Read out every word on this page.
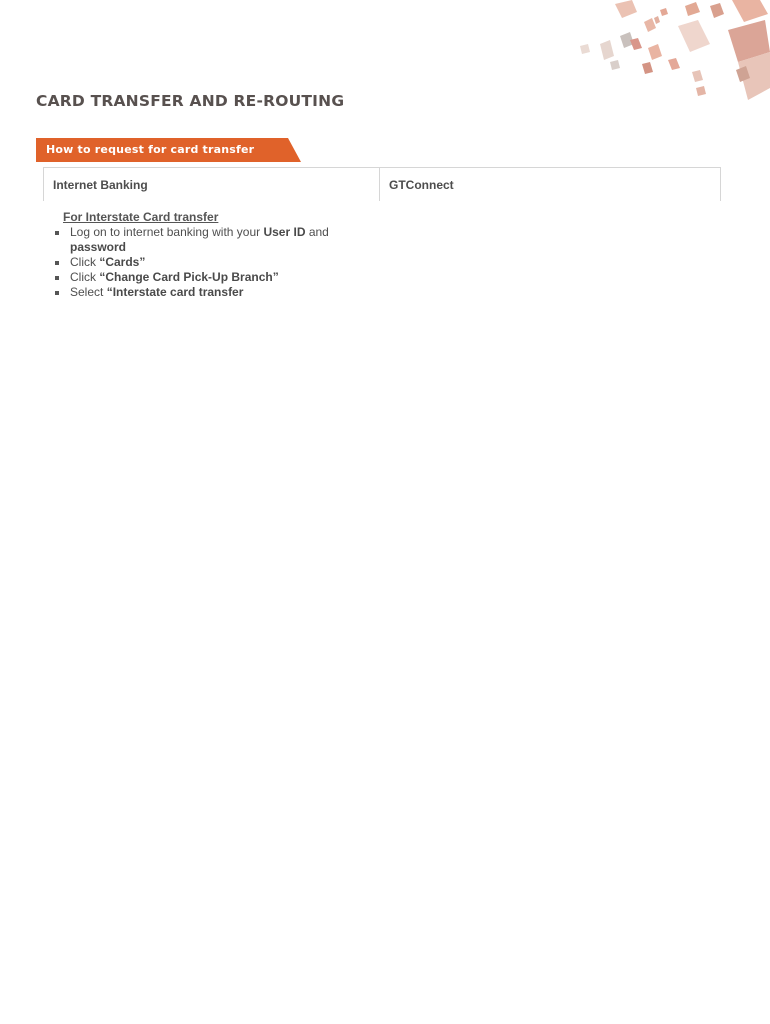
CARD TRANSFER AND RE-ROUTING
How to request for card transfer
Internet Banking	GTConnect

For Interstate Card transfer

Log on to internet banking with your User ID and password
Click “Cards”
Click “Change Card Pick-Up Branch”
Select “Interstate card transfer
